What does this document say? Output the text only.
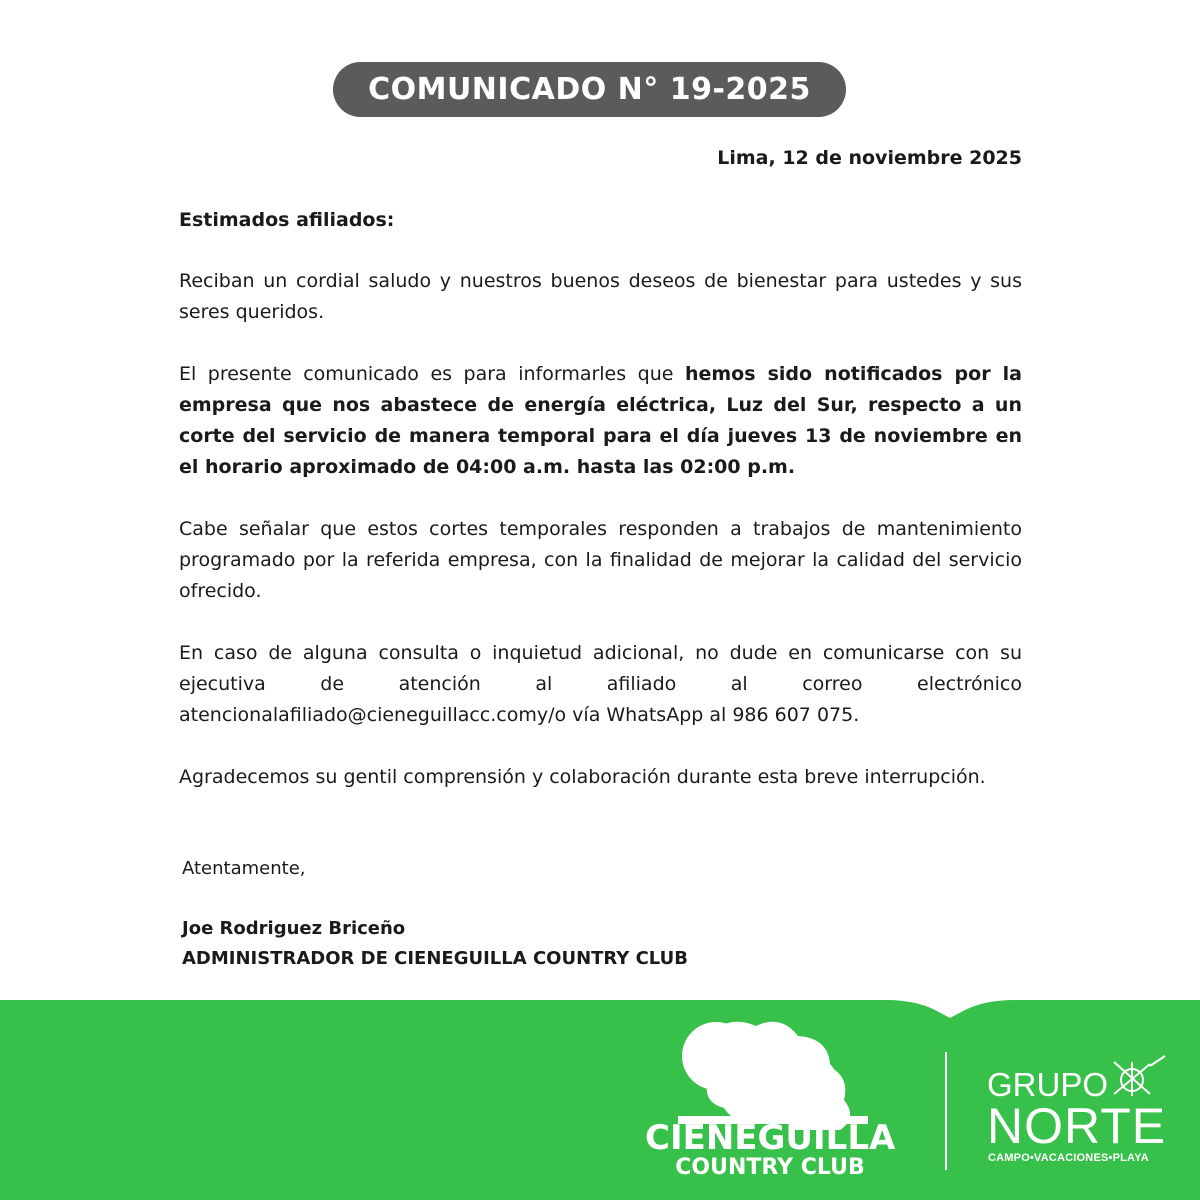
COMUNICADO N° 19-2025
Lima, 12 de noviembre 2025
Estimados afiliados:

Reciban un cordial saludo y nuestros buenos deseos de bienestar para ustedes y sus seres queridos.

El presente comunicado es para informarles que hemos sido notificados por la empresa que nos abastece de energía eléctrica, Luz del Sur, respecto a un corte del servicio de manera temporal para el día jueves 13 de noviembre en el horario aproximado de 04:00 a.m. hasta las 02:00 p.m.

Cabe señalar que estos cortes temporales responden a trabajos de mantenimiento programado por la referida empresa, con la finalidad de mejorar la calidad del servicio ofrecido.

En caso de alguna consulta o inquietud adicional, no dude en comunicarse con su ejecutiva de atención al afiliado al correo electrónico atencionalafiliado@cieneguillacc.comy/o vía WhatsApp al 986 607 075.

Agradecemos su gentil comprensión y colaboración durante esta breve interrupción.

Atentamente,
Joe Rodriguez Briceño
ADMINISTRADOR DE CIENEGUILLA COUNTRY CLUB
CIENEGUILLA
COUNTRY CLUB
GRUPO
NORTE
CAMPO•VACACIONES•PLAYA
